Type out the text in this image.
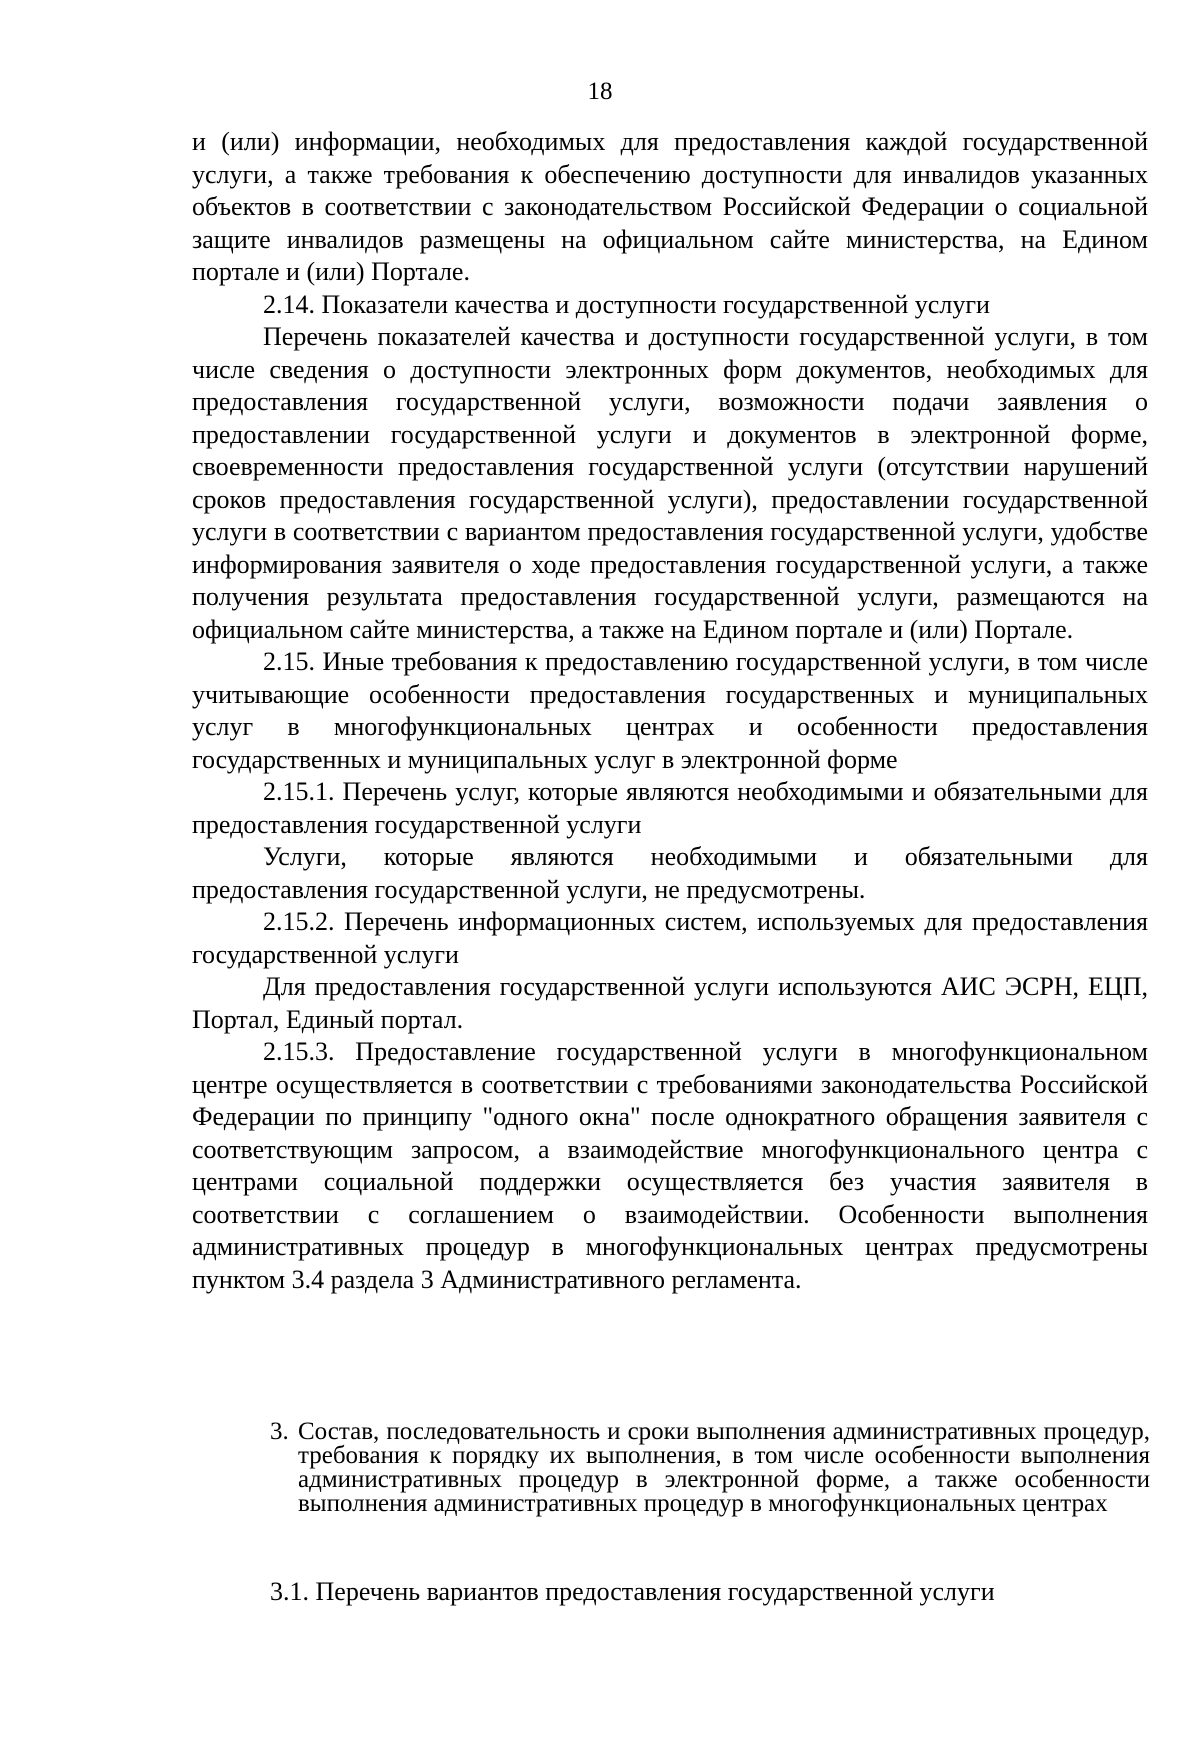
18

и (или) информации, необходимых для предоставления каждой государственной услуги, а также требования к обеспечению доступности для инвалидов указанных объектов в соответствии с законодательством Российской Федерации о социальной защите инвалидов размещены на официальном сайте министерства, на Едином портале и (или) Портале.

2.14. Показатели качества и доступности государственной услуги

Перечень показателей качества и доступности государственной услуги, в том числе сведения о доступности электронных форм документов, необходимых для предоставления государственной услуги, возможности подачи заявления о предоставлении государственной услуги и документов в электронной форме, своевременности предоставления государственной услуги (отсутствии нарушений сроков предоставления государственной услуги), предоставлении государственной услуги в соответствии с вариантом предоставления государственной услуги, удобстве информирования заявителя о ходе предоставления государственной услуги, а также получения результата предоставления государственной услуги, размещаются на официальном сайте министерства, а также на Едином портале и (или) Портале.

2.15. Иные требования к предоставлению государственной услуги, в том числе учитывающие особенности предоставления государственных и муниципальных услуг в многофункциональных центрах и особенности предоставления государственных и муниципальных услуг в электронной форме

2.15.1. Перечень услуг, которые являются необходимыми и обязательными для предоставления государственной услуги

Услуги, которые являются необходимыми и обязательными для предоставления государственной услуги, не предусмотрены.

2.15.2. Перечень информационных систем, используемых для предоставления государственной услуги

Для предоставления государственной услуги используются АИС ЭСРН, ЕЦП, Портал, Единый портал.

2.15.3. Предоставление государственной услуги в многофункциональном центре осуществляется в соответствии с требованиями законодательства Российской Федерации по принципу "одного окна" после однократного обращения заявителя с соответствующим запросом, а взаимодействие многофункционального центра с центрами социальной поддержки осуществляется без участия заявителя в соответствии с соглашением о взаимодействии. Особенности выполнения административных процедур в многофункциональных центрах предусмотрены пунктом 3.4 раздела 3 Административного регламента.

3. Состав, последовательность и сроки выполнения административных процедур, требования к порядку их выполнения, в том числе особенности выполнения административных процедур в электронной форме, а также особенности выполнения административных процедур в многофункциональных центрах
3.1. Перечень вариантов предоставления государственной услуги
